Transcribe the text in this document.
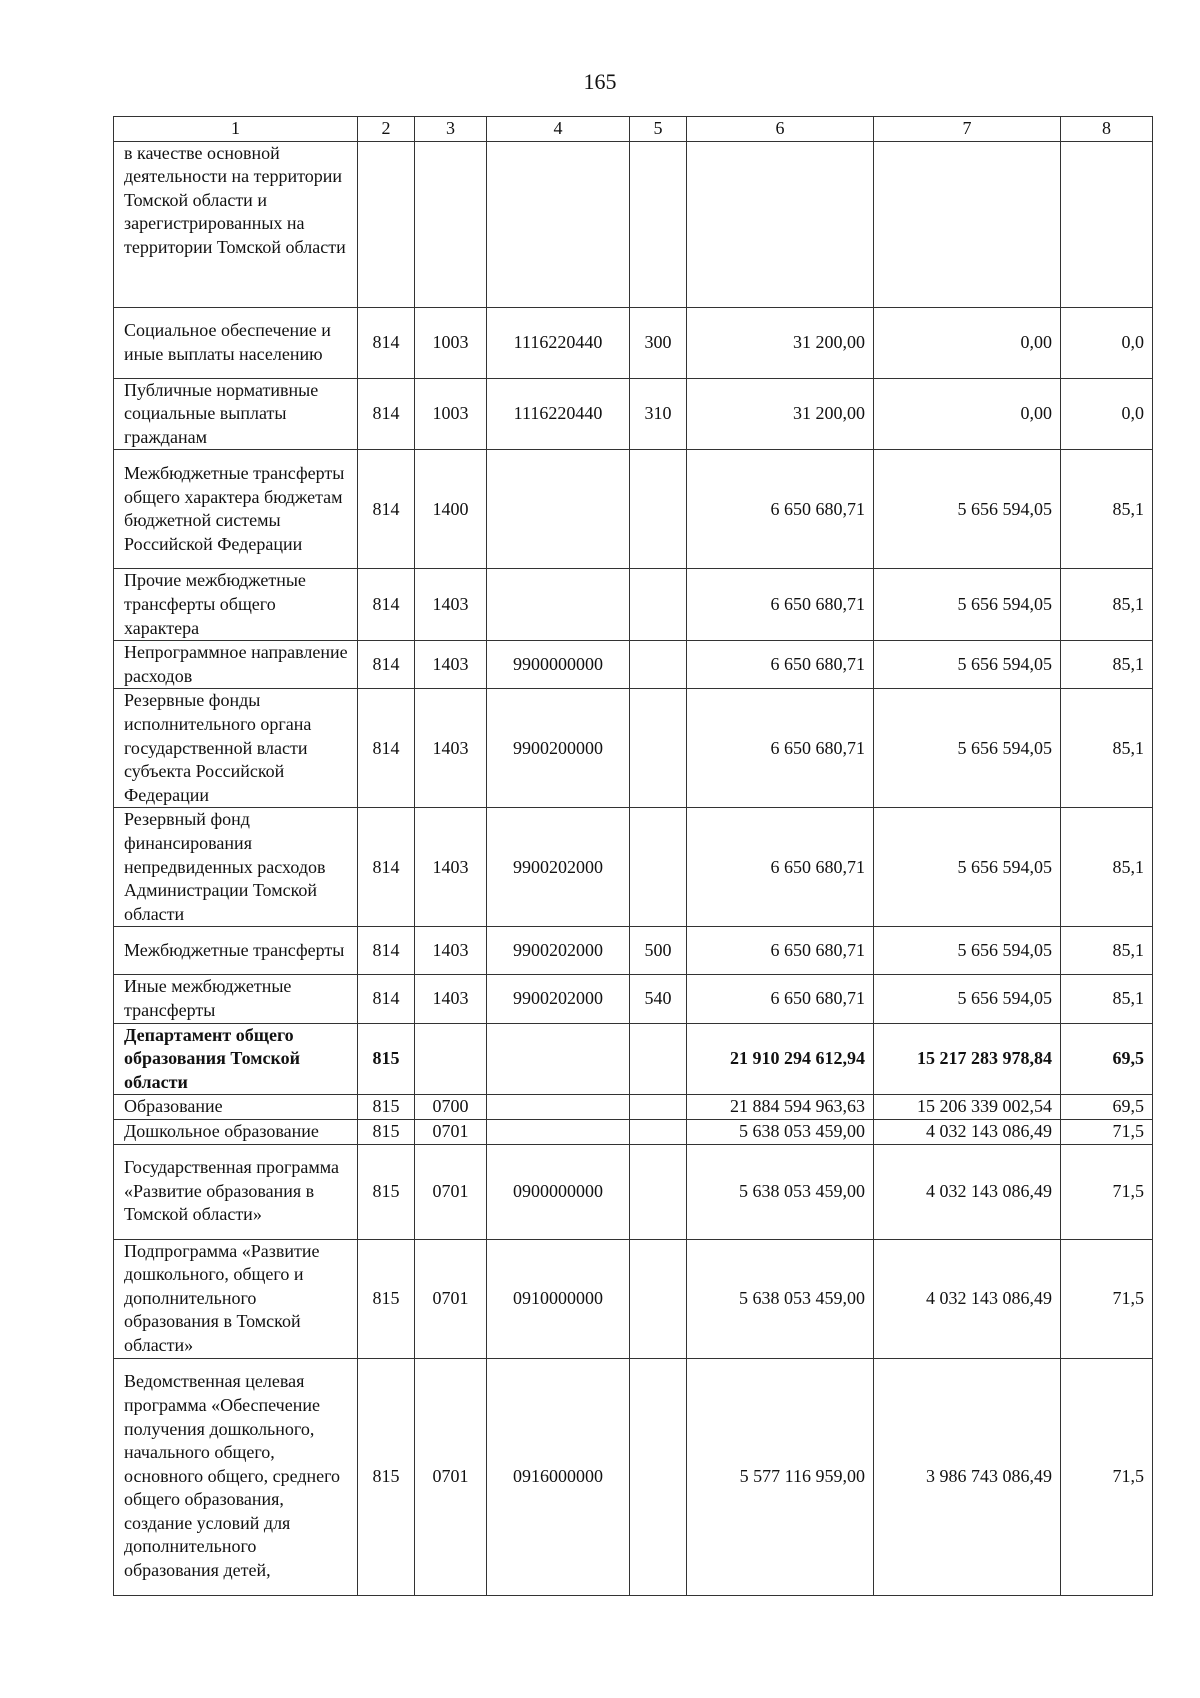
165
1	2	3	4	5	6	7	8
в качестве основной деятельности на территории Томской области и зарегистрированных на территории Томской области							
Социальное обеспечение и иные выплаты населению	814	1003	1116220440	300	31 200,00	0,00	0,0
Публичные нормативные социальные выплаты гражданам	814	1003	1116220440	310	31 200,00	0,00	0,0
Межбюджетные трансферты общего характера бюджетам бюджетной системы Российской Федерации	814	1400			6 650 680,71	5 656 594,05	85,1
Прочие межбюджетные трансферты общего характера	814	1403			6 650 680,71	5 656 594,05	85,1
Непрограммное направление расходов	814	1403	9900000000		6 650 680,71	5 656 594,05	85,1
Резервные фонды исполнительного органа государственной власти субъекта Российской Федерации	814	1403	9900200000		6 650 680,71	5 656 594,05	85,1
Резервный фонд финансирования непредвиденных расходов Администрации Томской области	814	1403	9900202000		6 650 680,71	5 656 594,05	85,1
Межбюджетные трансферты	814	1403	9900202000	500	6 650 680,71	5 656 594,05	85,1
Иные межбюджетные трансферты	814	1403	9900202000	540	6 650 680,71	5 656 594,05	85,1
Департамент общего образования Томской области	815				21 910 294 612,94	15 217 283 978,84	69,5
Образование	815	0700			21 884 594 963,63	15 206 339 002,54	69,5
Дошкольное образование	815	0701			5 638 053 459,00	4 032 143 086,49	71,5
Государственная программа «Развитие образования в Томской области»	815	0701	0900000000		5 638 053 459,00	4 032 143 086,49	71,5
Подпрограмма «Развитие дошкольного, общего и дополнительного образования в Томской области»	815	0701	0910000000		5 638 053 459,00	4 032 143 086,49	71,5
Ведомственная целевая программа «Обеспечение получения дошкольного, начального общего, основного общего, среднего общего образования, создание условий для дополнительного образования детей,	815	0701	0916000000		5 577 116 959,00	3 986 743 086,49	71,5
